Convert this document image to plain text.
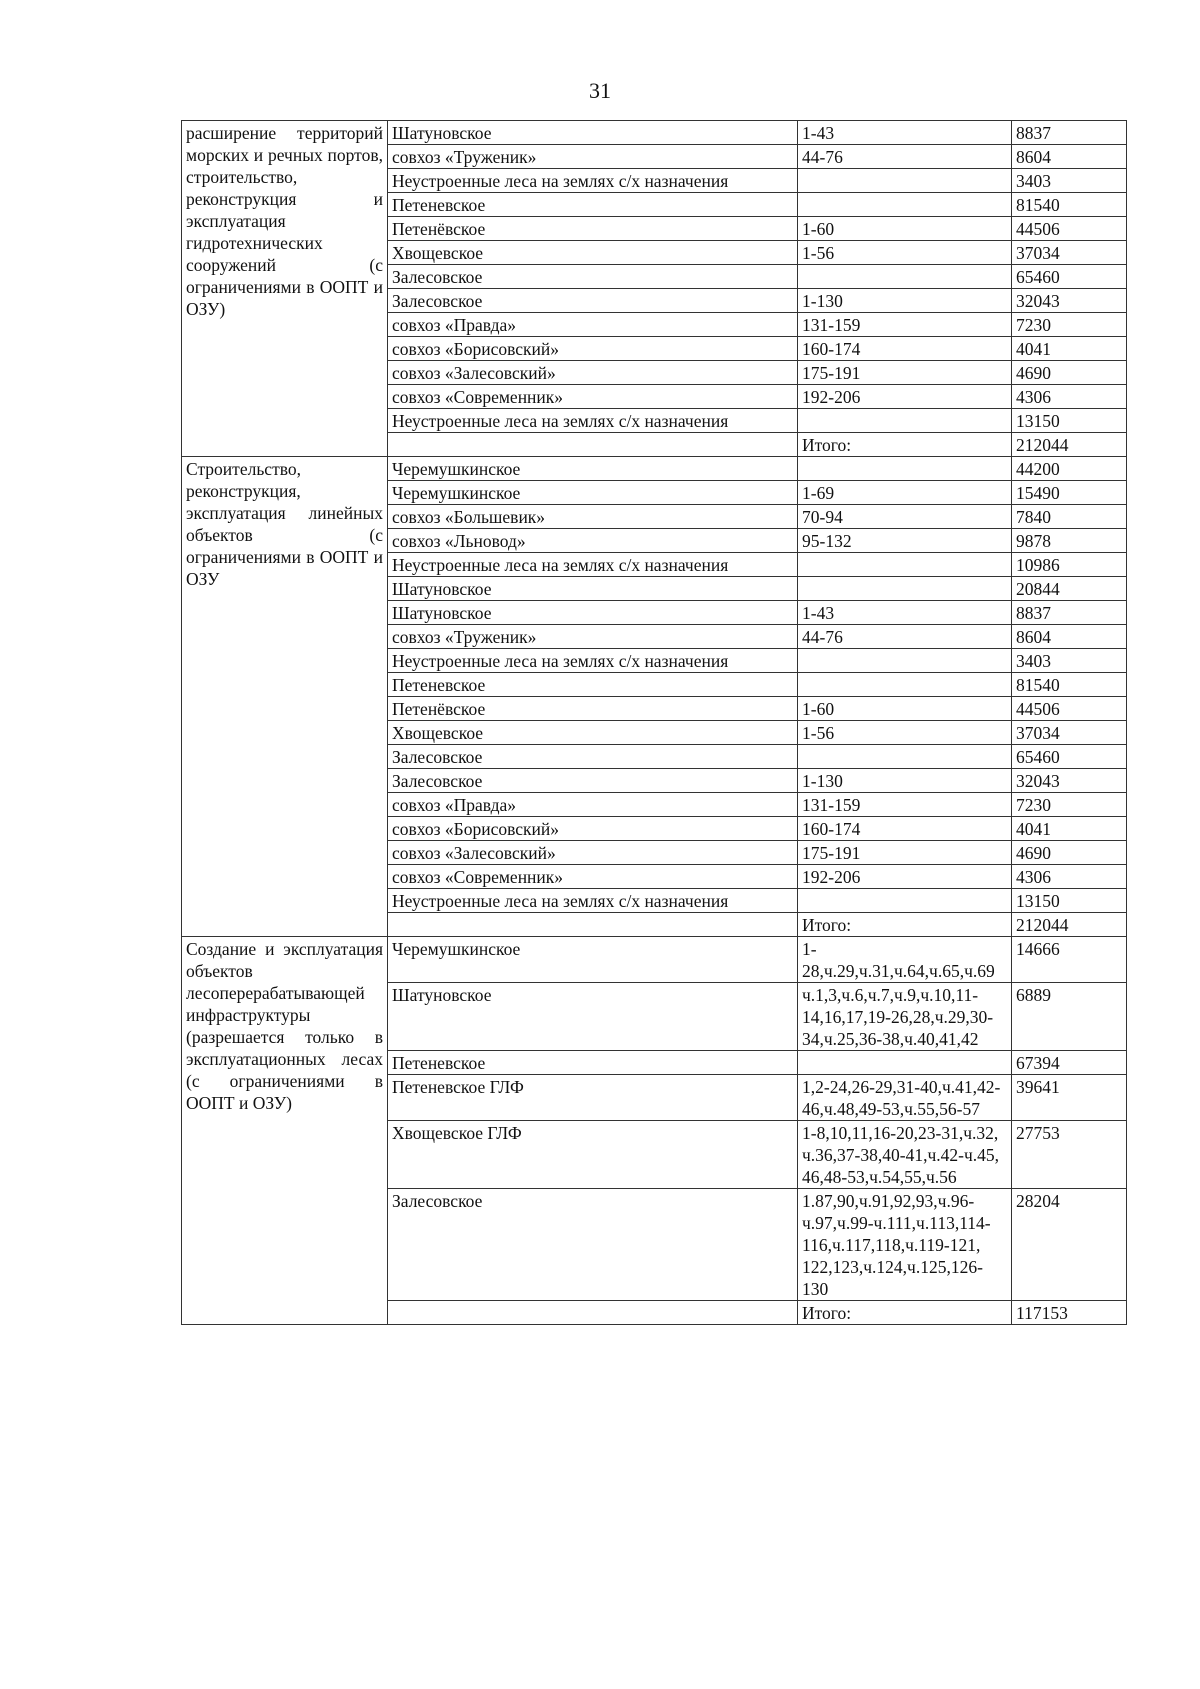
31
расширение территорий морских и речных портов, строительство, реконструкция и эксплуатация гидротехнических сооружений (с ограничениями в ООПТ и ОЗУ)	Шатуновское	1-43	8837
	совхоз «Труженик»	44-76	8604
	Неустроенные леса на землях с/х назначения		3403
	Петеневское		81540
	Петенёвское	1-60	44506
	Хвощевское	1-56	37034
	Залесовское		65460
	Залесовское	1-130	32043
	совхоз «Правда»	131-159	7230
	совхоз «Борисовский»	160-174	4041
	совхоз «Залесовский»	175-191	4690
	совхоз «Современник»	192-206	4306
	Неустроенные леса на землях с/х назначения		13150
		Итого:	212044
Строительство, реконструкция, эксплуатация линейных объектов (с ограничениями в ООПТ и ОЗУ	Черемушкинское		44200
	Черемушкинское	1-69	15490
	совхоз «Большевик»	70-94	7840
	совхоз «Льновод»	95-132	9878
	Неустроенные леса на землях с/х назначения		10986
	Шатуновское		20844
	Шатуновское	1-43	8837
	совхоз «Труженик»	44-76	8604
	Неустроенные леса на землях с/х назначения		3403
	Петеневское		81540
	Петенёвское	1-60	44506
	Хвощевское	1-56	37034
	Залесовское		65460
	Залесовское	1-130	32043
	совхоз «Правда»	131-159	7230
	совхоз «Борисовский»	160-174	4041
	совхоз «Залесовский»	175-191	4690
	совхоз «Современник»	192-206	4306
	Неустроенные леса на землях с/х назначения		13150
		Итого:	212044
Создание и эксплуатация объектов лесоперерабатывающей инфраструктуры (разрешается только в эксплуатационных лесах (с ограничениями в ООПТ и ОЗУ)	Черемушкинское	1-28,ч.29,ч.31,ч.64,ч.65,ч.69	14666
	Шатуновское	ч.1,3,ч.6,ч.7,ч.9,ч.10,11-14,16,17,19-26,28,ч.29,30-34,ч.25,36-38,ч.40,41,42	6889
	Петеневское		67394
	Петеневское ГЛФ	1,2-24,26-29,31-40,ч.41,42-46,ч.48,49-53,ч.55,56-57	39641
	Хвощевское ГЛФ	1-8,10,11,16-20,23-31,ч.32, ч.36,37-38,40-41,ч.42-ч.45, 46,48-53,ч.54,55,ч.56	27753
	Залесовское	1.87,90,ч.91,92,93,ч.96-ч.97,ч.99-ч.111,ч.113,114-116,ч.117,118,ч.119-121, 122,123,ч.124,ч.125,126-130	28204
		Итого:	117153
